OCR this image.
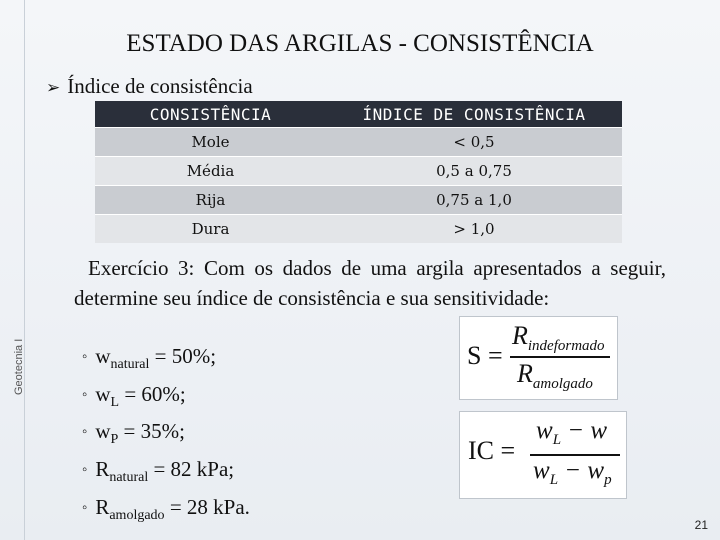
Geotecnia I
ESTADO DAS ARGILAS - CONSISTÊNCIA
➢ Índice de consistência
CONSISTÊNCIA	ÍNDICE DE CONSISTÊNCIA
Mole	< 0,5
Média	0,5 a 0,75
Rija	0,75 a 1,0
Dura	> 1,0
Exercício 3: Com os dados de uma argila apresentados a seguir, determine seu índice de consistência e sua sensitividade:
◦ $w_{natural} = 50\%$;
◦ $w_L = 60\%$;
◦ $w_P = 35\%$;
◦ $R_{natural} = 82$ kPa;
◦ $R_{amolgado} = 28$ kPa.
S =
$R_{indeformado}$
$R_{amolgado}$
IC =
$w_L - w$
$w_L - w_p$
21
